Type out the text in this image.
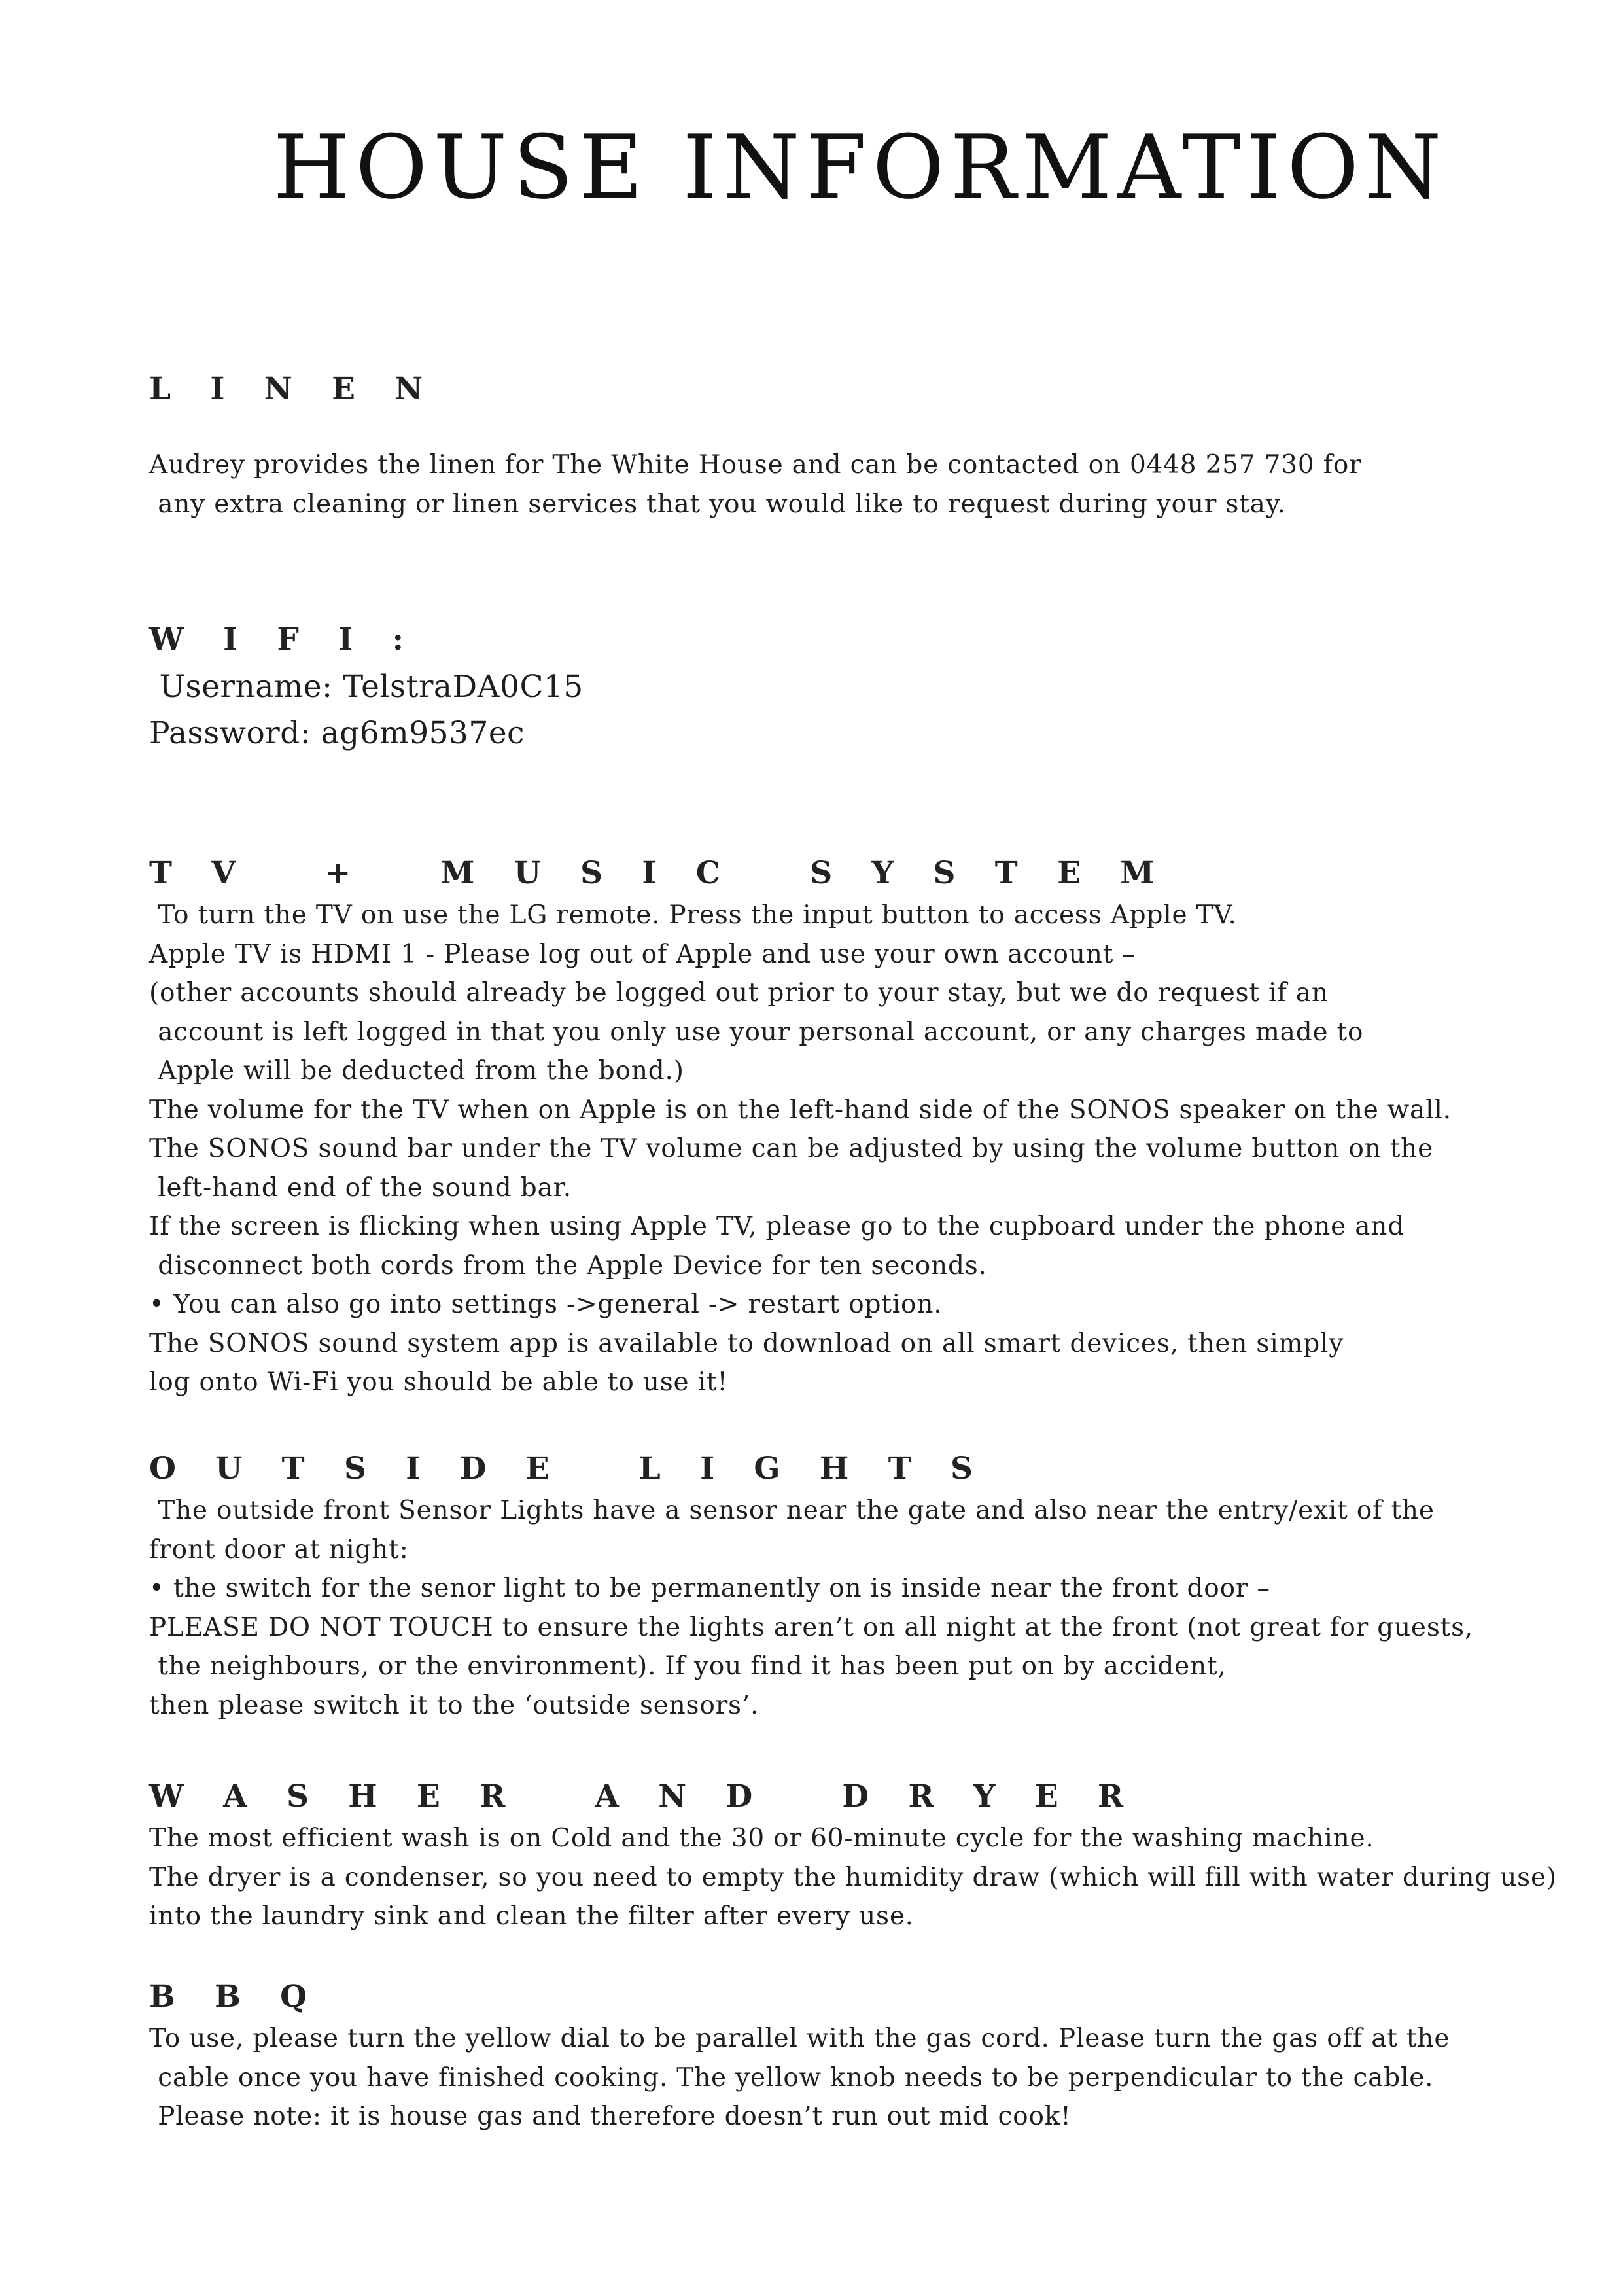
HOUSE INFORMATION
L I N E N
Audrey provides the linen for The White House and can be contacted on 0448 257 730 for
any extra cleaning or linen services that you would like to request during your stay.
W I F I :
Username: TelstraDA0C15
Password: ag6m9537ec
T V   +   M U S I C   S Y S T E M
To turn the TV on use the LG remote. Press the input button to access Apple TV.
Apple TV is HDMI 1 - Please log out of Apple and use your own account –
(other accounts should already be logged out prior to your stay, but we do request if an
account is left logged in that you only use your personal account, or any charges made to
Apple will be deducted from the bond.)
The volume for the TV when on Apple is on the left-hand side of the SONOS speaker on the wall.
The SONOS sound bar under the TV volume can be adjusted by using the volume button on the
left-hand end of the sound bar.
If the screen is flicking when using Apple TV, please go to the cupboard under the phone and
disconnect both cords from the Apple Device for ten seconds.
• You can also go into settings ->general -> restart option.
The SONOS sound system app is available to download on all smart devices, then simply
log onto Wi-Fi you should be able to use it!
O U T S I D E   L I G H T S
The outside front Sensor Lights have a sensor near the gate and also near the entry/exit of the
front door at night:
• the switch for the senor light to be permanently on is inside near the front door –
PLEASE DO NOT TOUCH to ensure the lights aren’t on all night at the front (not great for guests,
the neighbours, or the environment). If you find it has been put on by accident,
then please switch it to the ‘outside sensors’.
W A S H E R   A N D   D R Y E R
The most efficient wash is on Cold and the 30 or 60-minute cycle for the washing machine.
The dryer is a condenser, so you need to empty the humidity draw (which will fill with water during use)
into the laundry sink and clean the filter after every use.
B B Q
To use, please turn the yellow dial to be parallel with the gas cord. Please turn the gas off at the
cable once you have finished cooking. The yellow knob needs to be perpendicular to the cable.
Please note: it is house gas and therefore doesn’t run out mid cook!
